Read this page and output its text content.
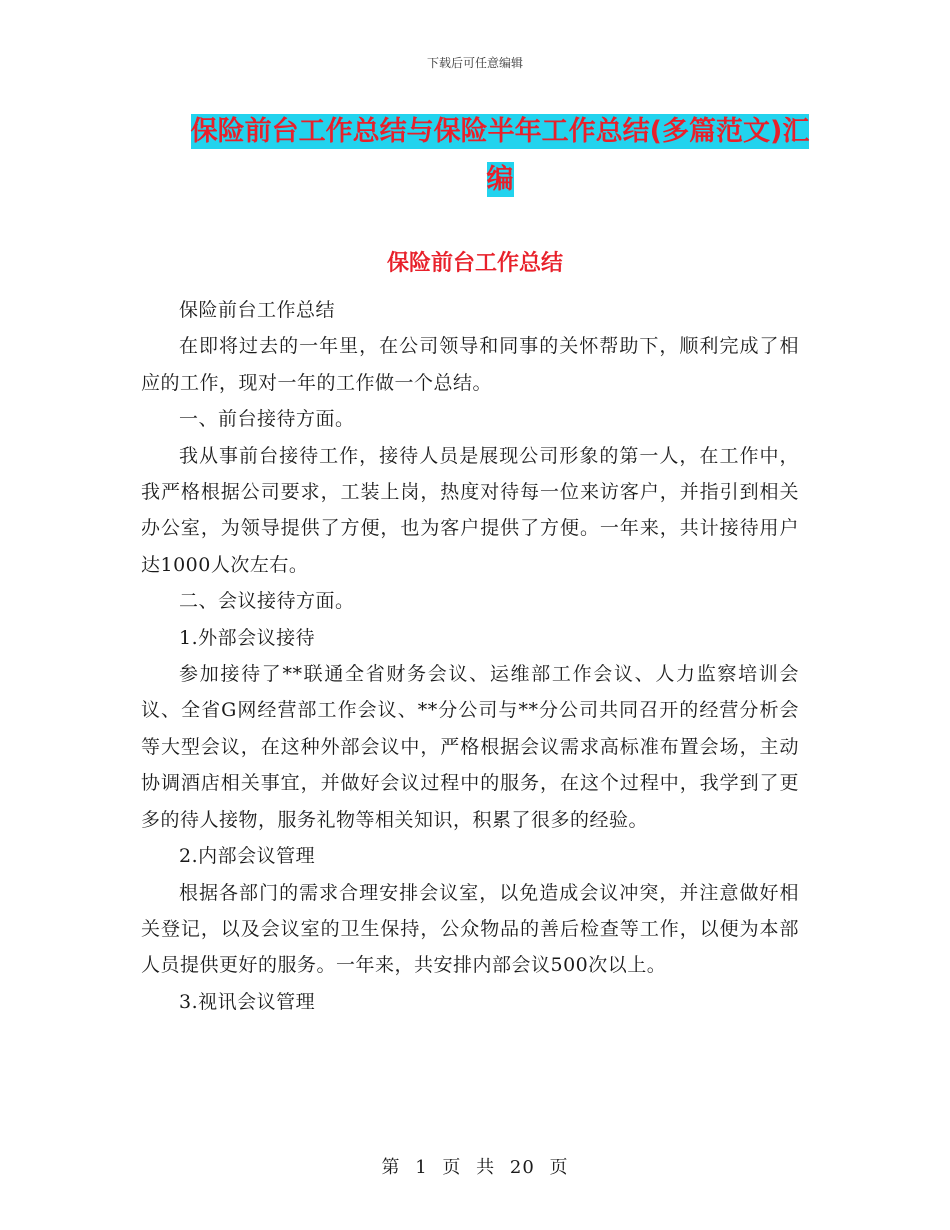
下载后可任意编辑
保险前台工作总结与保险半年工作总结(多篇范文)汇
编
保险前台工作总结

保险前台工作总结

在即将过去的一年里，在公司领导和同事的关怀帮助下，顺利完成了相应的工作，现对一年的工作做一个总结。

一、前台接待方面。

我从事前台接待工作，接待人员是展现公司形象的第一人，在工作中，我严格根据公司要求，工装上岗，热度对待每一位来访客户，并指引到相关办公室，为领导提供了方便，也为客户提供了方便。一年来，共计接待用户达1000人次左右。

二、会议接待方面。

1.外部会议接待

参加接待了**联通全省财务会议、运维部工作会议、人力监察培训会议、全省G网经营部工作会议、**分公司与**分公司共同召开的经营分析会等大型会议，在这种外部会议中，严格根据会议需求高标准布置会场，主动协调酒店相关事宜，并做好会议过程中的服务，在这个过程中，我学到了更多的待人接物，服务礼物等相关知识，积累了很多的经验。

2.内部会议管理

根据各部门的需求合理安排会议室，以免造成会议冲突，并注意做好相关登记，以及会议室的卫生保持，公众物品的善后检查等工作，以便为本部人员提供更好的服务。一年来，共安排内部会议500次以上。

3.视讯会议管理

第 1 页 共 20 页
